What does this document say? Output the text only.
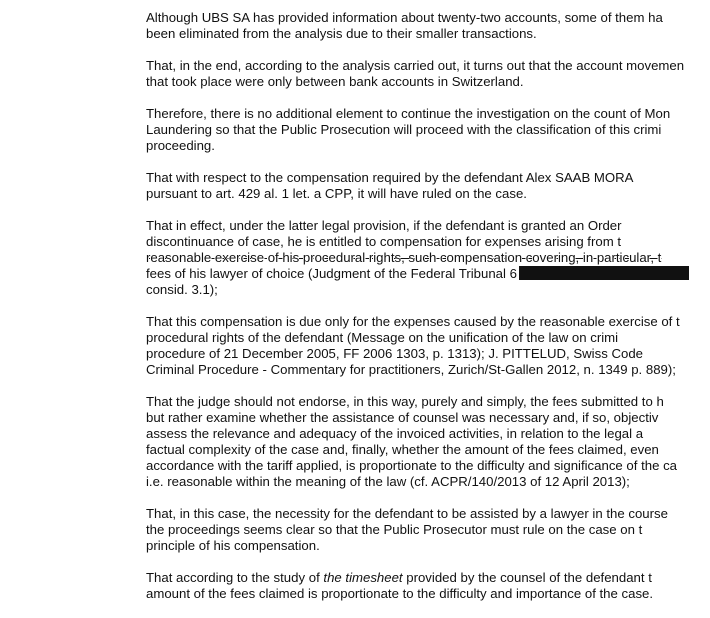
Although UBS SA has provided information about twenty-two accounts, some of them ha
been eliminated from the analysis due to their smaller transactions.

That, in the end, according to the analysis carried out, it turns out that the account movemen
that took place were only between bank accounts in Switzerland.

Therefore, there is no additional element to continue the investigation on the count of Mon
Laundering so that the Public Prosecution will proceed with the classification of this crimi
proceeding.

That with respect to the compensation required by the defendant Alex SAAB MORA
pursuant to art. 429 al. 1 let. a CPP, it will have ruled on the case.

That in effect, under the latter legal provision, if the defendant is granted an Order
discontinuance of case, he is entitled to compensation for expenses arising from t
reasonable exercise of his procedural rights, such compensation covering, in particular, t
fees of his lawyer of choice (Judgment of the Federal Tribunal 6
consid. 3.1);

That this compensation is due only for the expenses caused by the reasonable exercise of t
procedural rights of the defendant (Message on the unification of the law on crimi
procedure of 21 December 2005, FF 2006 1303, p. 1313); J. PITTELUD, Swiss Code
Criminal Procedure - Commentary for practitioners, Zurich/St-Gallen 2012, n. 1349 p. 889);

That the judge should not endorse, in this way, purely and simply, the fees submitted to h
but rather examine whether the assistance of counsel was necessary and, if so, objectiv
assess the relevance and adequacy of the invoiced activities, in relation to the legal a
factual complexity of the case and, finally, whether the amount of the fees claimed, even
accordance with the tariff applied, is proportionate to the difficulty and significance of the ca
i.e. reasonable within the meaning of the law (cf. ACPR/140/2013 of 12 April 2013);

That, in this case, the necessity for the defendant to be assisted by a lawyer in the course
the proceedings seems clear so that the Public Prosecutor must rule on the case on t
principle of his compensation.

That according to the study of the timesheet provided by the counsel of the defendant t
amount of the fees claimed is proportionate to the difficulty and importance of the case.
